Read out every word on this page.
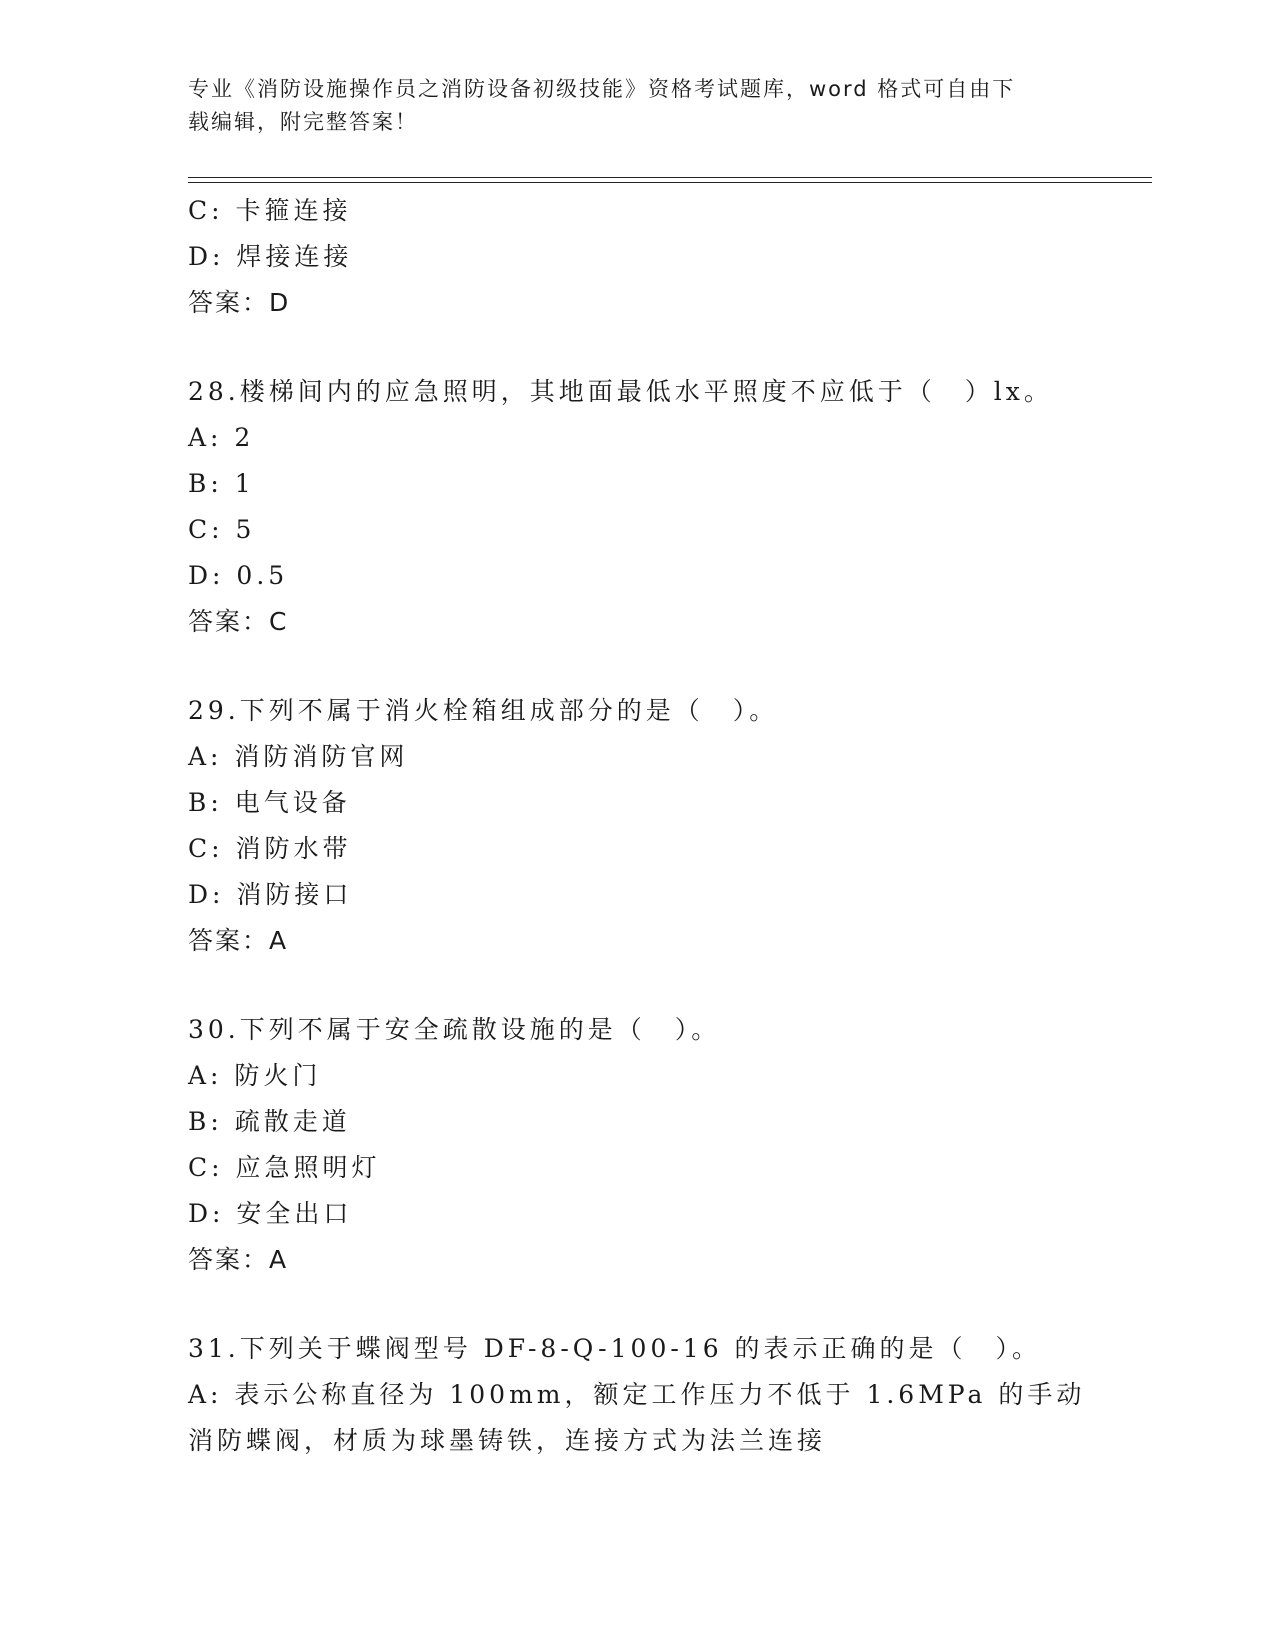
专业《消防设施操作员之消防设备初级技能》资格考试题库，word 格式可自由下
载编辑，附完整答案！
C: 卡箍连接
D: 焊接连接
答案：D
28.楼梯间内的应急照明，其地面最低水平照度不应低于（　）lx。
A: 2
B: 1
C: 5
D: 0.5
答案：C
29.下列不属于消火栓箱组成部分的是（　）。
A: 消防消防官网
B: 电气设备
C: 消防水带
D: 消防接口
答案：A
30.下列不属于安全疏散设施的是（　）。
A: 防火门
B: 疏散走道
C: 应急照明灯
D: 安全出口
答案：A
31.下列关于蝶阀型号 DF-8-Q-100-16 的表示正确的是（　）。
A: 表示公称直径为 100mm，额定工作压力不低于 1.6MPa 的手动消防蝶阀，材质为球墨铸铁，连接方式为法兰连接
